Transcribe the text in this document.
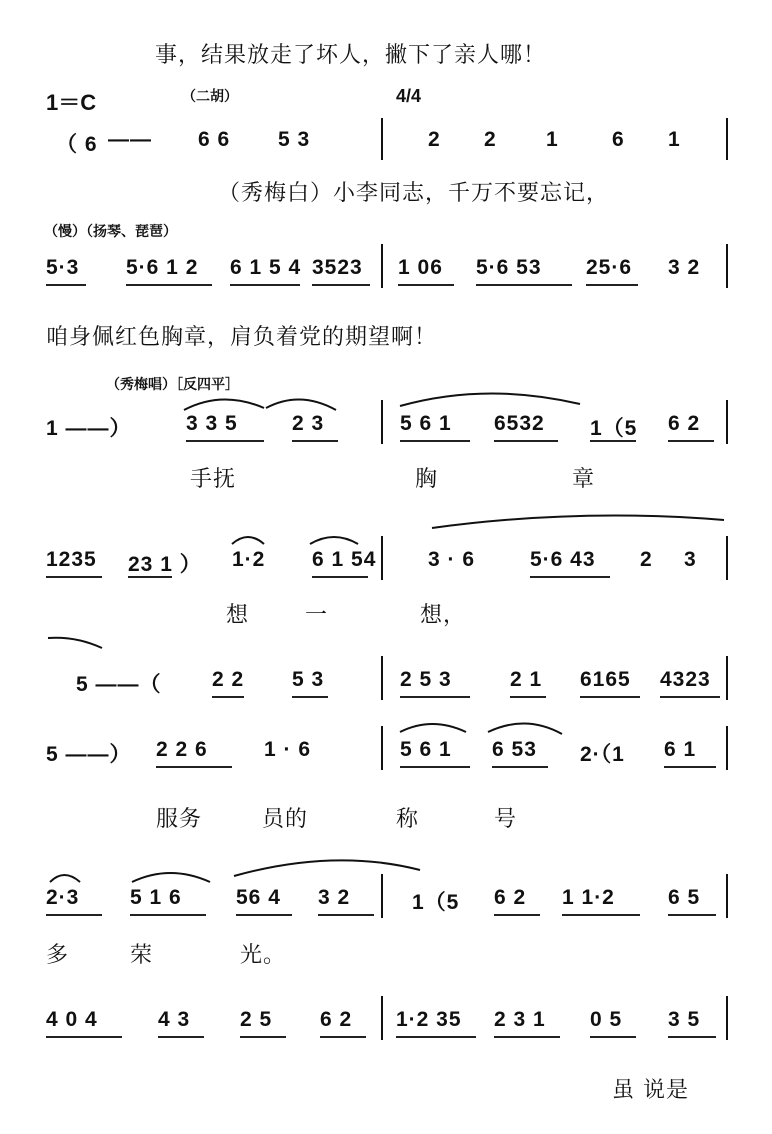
事，结果放走了坏人，撇下了亲人哪！
（秀梅白）小李同志，千万不要忘记，
咱身佩红色胸章，肩负着党的期望啊！
手抚	胸	章
想	一	想，
服务	员的	称	号
多	荣	光。
虽 说是
1＝C	（二胡）	4/4
（慢）（扬琴、琵琶）
（秀梅唱）［反四平］
（ 6 —— 6 6 5 3	2 2 1	6 1
5·3 5·6 1 2 6 1 5 4 3523 1 06 5·6 53 25·6 3 2
1 ——）	3 3 5	2 3	5 6 1 6532 1（5 6 2
1235 23 1 ） 1·2 6 1 54 3 · 6	5·6 43 2 3
5 ——（ 2 2 5 3	2 5 3	2 1 6165 4323
5 ——） 2 2 6	1 · 6	5 6 1 6 53 2·（1 6 1
2·3 5 1 6	56 4 3 2	1（5 6 2 1 1·2	6 5
4 0 4	4 3 2 5 6 2 1·2 35 2 3 1 0 5 3 5
